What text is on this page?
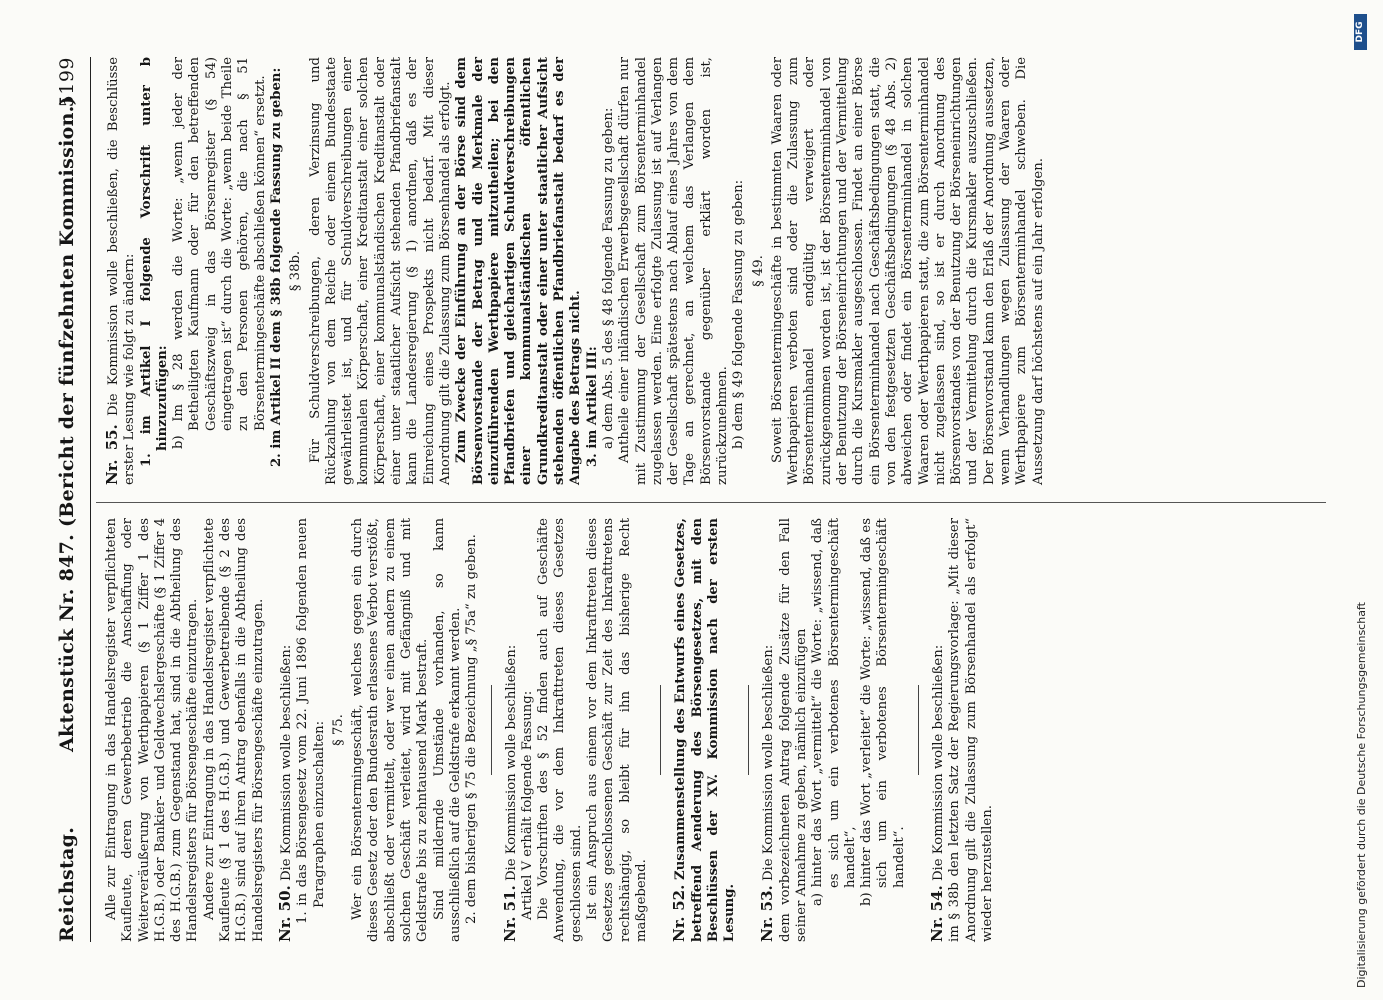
Reichstag.
Aktenstück Nr. 847. (Bericht der fünfzehnten Kommission.)
5199

Alle zur Eintragung in das Handelsregister verpflichteten Kaufleute, deren Gewerbebetrieb die Anschaffung oder Weiterveräußerung von Werthpapieren (§ 1 Ziffer 1 des H.G.B.) oder Bankier- und Geldwechslergeschäfte (§ 1 Ziffer 4 des H.G.B.) zum Gegenstand hat, sind in die Abtheilung des Handelsregisters für Börsengeschäfte einzutragen. Andere zur Eintragung in das Handelsregister verpflichtete Kaufleute (§ 1 des H.G.B.) und Gewerbetreibende (§ 2 des H.G.B.) sind auf ihren Antrag ebenfalls in die Abtheilung des Handelsregisters für Börsengeschäfte einzutragen. Nr. 50. Die Kommission wolle beschließen: 1. in das Börsengesetz vom 22. Juni 1896 folgenden neuen Paragraphen einzuschalten: § 75. Wer ein Börsentermingeschäft, welches gegen ein durch dieses Gesetz oder den Bundesrath erlassenes Verbot verstößt, abschließt oder vermittelt, oder wer einen andern zu einem solchen Geschäft verleitet, wird mit Gefängniß und mit Geldstrafe bis zu zehntausend Mark bestraft. Sind mildernde Umstände vorhanden, so kann ausschließlich auf die Geldstrafe erkannt werden. 2. dem bisherigen § 75 die Bezeichnung „§ 75a“ zu geben. Nr. 51. Die Kommission wolle beschließen: Artikel V erhält folgende Fassung: Die Vorschriften des § 52 finden auch auf Geschäfte Anwendung, die vor dem Inkrafttreten dieses Gesetzes geschlossen sind. Ist ein Anspruch aus einem vor dem Inkrafttreten dieses Gesetzes geschlossenen Geschäft zur Zeit des Inkrafttretens rechtshängig, so bleibt für ihn das bisherige Recht maßgebend. Nr. 52. Zusammenstellung des Entwurfs eines Gesetzes, betreffend Aenderung des Börsengesetzes, mit den Beschlüssen der XV. Kommission nach der ersten Lesung. Nr. 53. Die Kommission wolle beschließen: dem vorbezeichneten Antrag folgende Zusätze für den Fall seiner Annahme zu geben, nämlich einzufügen a) hinter das Wort „vermittelt“ die Worte: „wissend, daß es sich um ein verbotenes Börsentermingeschäft handelt“, b) hinter das Wort „verleitet“ die Worte: „wissend, daß es sich um ein verbotenes Börsentermingeschäft handelt“.

Nr. 54. Die Kommission wolle beschließen: im § 38b den letzten Satz der Regierungsvorlage: „Mit dieser Anordnung gilt die Zulassung zum Börsenhandel als erfolgt“ wieder herzustellen.

Nr. 55. Die Kommission wolle beschließen, die Beschlüsse erster Lesung wie folgt zu ändern: 1. im Artikel I folgende Vorschrift unter b hinzuzufügen: b) Im § 28 werden die Worte: „wenn jeder der Betheiligten Kaufmann oder für den betreffenden Geschäftszweig in das Börsenregister (§ 54) eingetragen ist“ durch die Worte: „wenn beide Theile zu den Personen gehören, die nach § 51 Börsentermingeschäfte abschließen können“ ersetzt. 2. im Artikel II dem § 38b folgende Fassung zu geben: § 38b. Für Schuldverschreibungen, deren Verzinsung und Rückzahlung von dem Reiche oder einem Bundesstaate gewährleistet ist, und für Schuldverschreibungen einer kommunalen Körperschaft, einer Kreditanstalt einer solchen Körperschaft, einer kommunalständischen Kreditanstalt oder einer unter staatlicher Aufsicht stehenden Pfandbriefanstalt kann die Landesregierung (§ 1) anordnen, daß es der Einreichung eines Prospekts nicht bedarf. Mit dieser Anordnung gilt die Zulassung zum Börsenhandel als erfolgt. Zum Zwecke der Einführung an der Börse sind dem Börsenvorstande der Betrag und die Merkmale der einzuführenden Werthpapiere mitzutheilen; bei den Pfandbriefen und gleichartigen Schuldverschreibungen einer kommunalständischen öffentlichen Grundkreditanstalt oder einer unter staatlicher Aufsicht stehenden öffentlichen Pfandbriefanstalt bedarf es der Angabe des Betrags nicht. 3. im Artikel III: a) dem Abs. 5 des § 48 folgende Fassung zu geben: Antheile einer inländischen Erwerbsgesellschaft dürfen nur mit Zustimmung der Gesellschaft zum Börsenterminhandel zugelassen werden. Eine erfolgte Zulassung ist auf Verlangen der Gesellschaft spätestens nach Ablauf eines Jahres von dem Tage an gerechnet, an welchem das Verlangen dem Börsenvorstande gegenüber erklärt worden ist, zurückzunehmen. b) dem § 49 folgende Fassung zu geben: § 49. Soweit Börsentermingeschäfte in bestimmten Waaren oder Werthpapieren verboten sind oder die Zulassung zum Börsenterminhandel endgültig verweigert oder zurückgenommen worden ist, ist der Börsenterminhandel von der Benutzung der Börseneinrichtungen und der Vermittelung durch die Kursmakler ausgeschlossen. Findet an einer Börse ein Börsenterminhandel nach Geschäftsbedingungen statt, die von den festgesetzten Geschäftsbedingungen (§ 48 Abs. 2) abweichen oder findet ein Börsenterminhandel in solchen Waaren oder Werthpapieren statt, die zum Börsenterminhandel nicht zugelassen sind, so ist er durch Anordnung des Börsenvorstandes von der Benutzung der Börseneinrichtungen und der Vermittelung durch die Kursmakler auszuschließen. Der Börsenvorstand kann den Erlaß der Anordnung aussetzen, wenn Verhandlungen wegen Zulassung der Waaren oder Werthpapiere zum Börsenterminhandel schweben. Die Aussetzung darf höchstens auf ein Jahr erfolgen.

Digitalisierung gefördert durch die Deutsche Forschungsgemeinschaft
DFG
